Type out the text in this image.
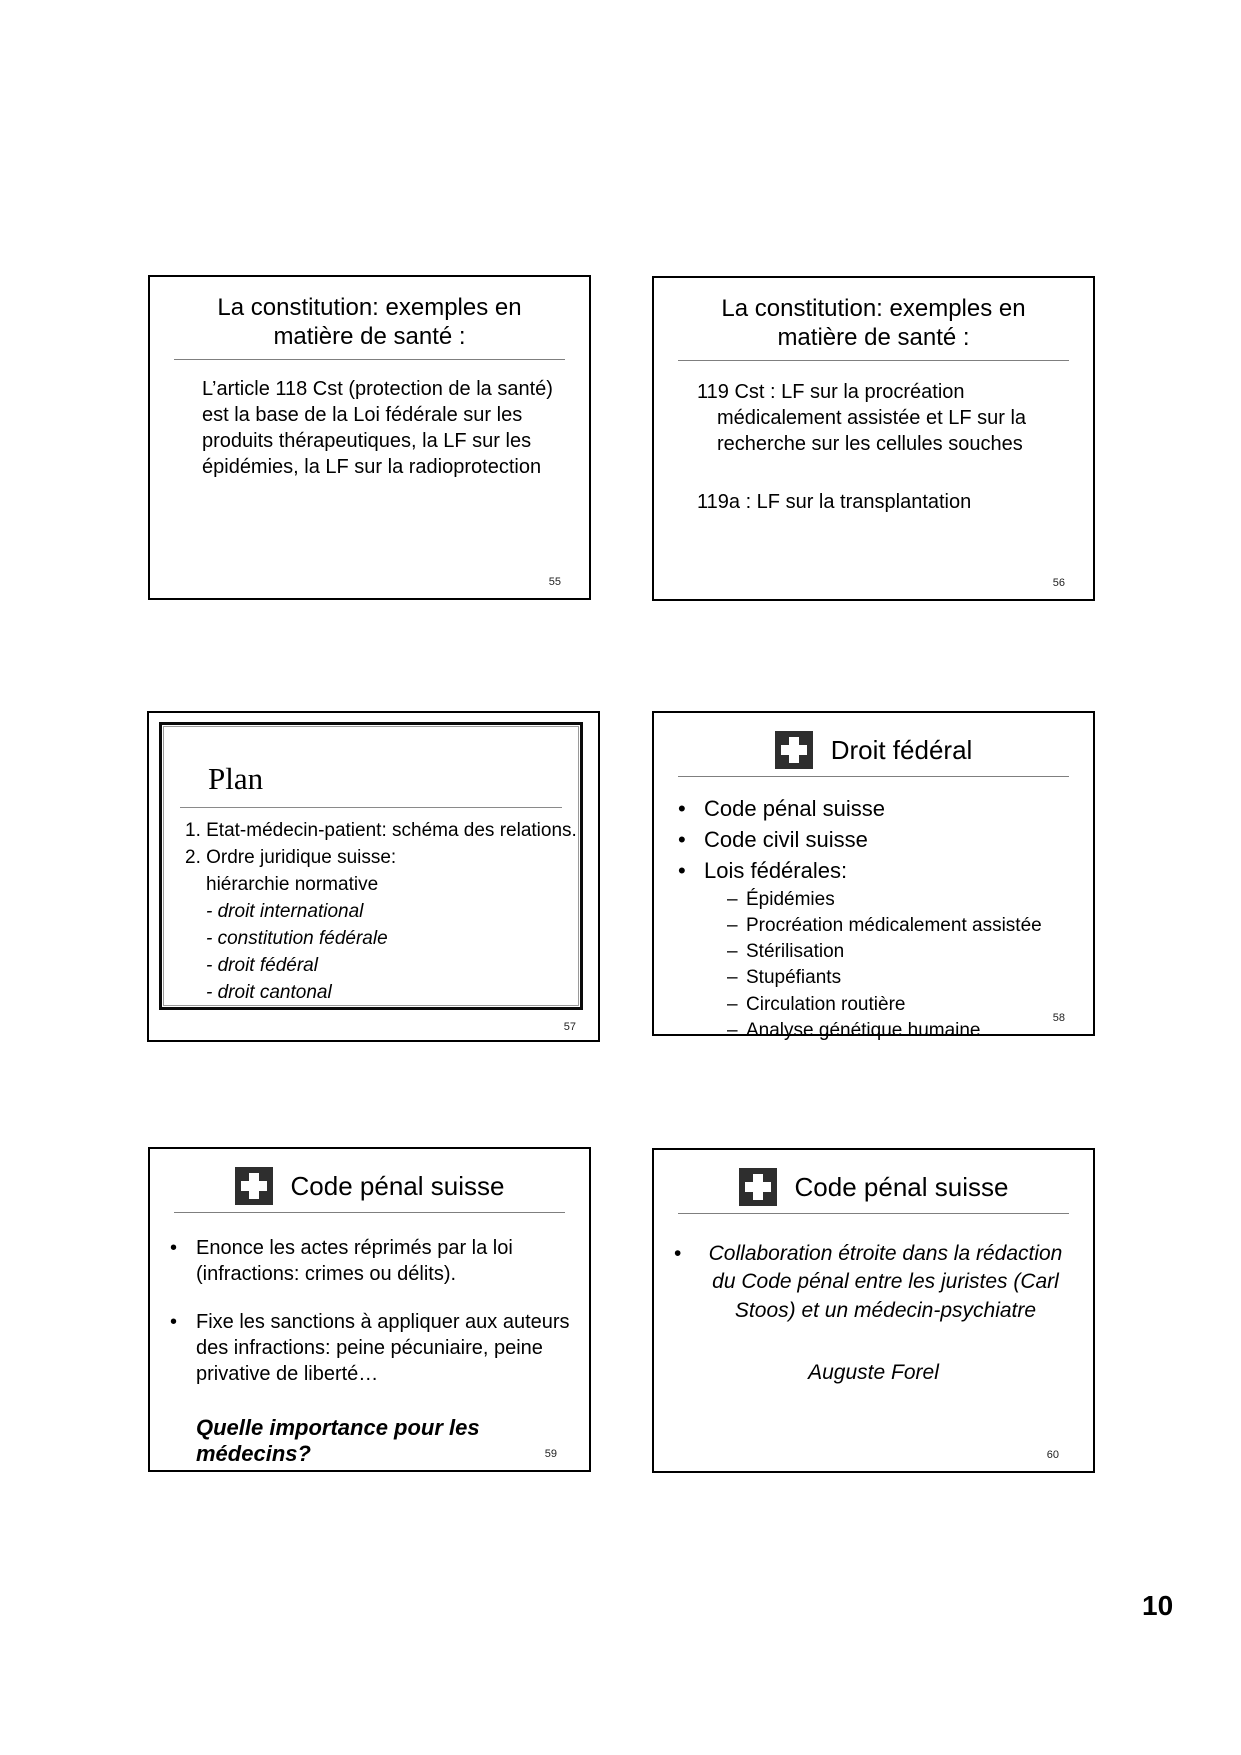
La constitution: exemples en matière de santé :

L’article 118 Cst (protection de la santé) est la base de la Loi fédérale sur les produits thérapeutiques, la LF sur les épidémies, la LF sur la radioprotection

55
La constitution: exemples en matière de santé :

119 Cst : LF sur la procréation médicalement assistée et LF sur la recherche sur les cellules souches

119a : LF sur la transplantation

56
Plan
1. Etat-médecin-patient: schéma des relations.
2. Ordre juridique suisse:
hiérarchie normative
- droit international
- constitution fédérale
- droit fédéral
- droit cantonal
57
Droit fédéral
• Code pénal suisse
• Code civil suisse
• Lois fédérales:
– Épidémies
– Procréation médicalement assistée
– Stérilisation
– Stupéfiants
– Circulation routière
– Analyse génétique humaine
58
Code pénal suisse
• Enonce les actes réprimés par la loi (infractions: crimes ou délits).
• Fixe les sanctions à appliquer aux auteurs des infractions: peine pécuniaire, peine privative de liberté…

Quelle importance pour les médecins?	59
Code pénal suisse
•	Collaboration étroite dans la rédaction du Code pénal entre les juristes (Carl Stoos) et un médecin-psychiatre

Auguste Forel

60
10
